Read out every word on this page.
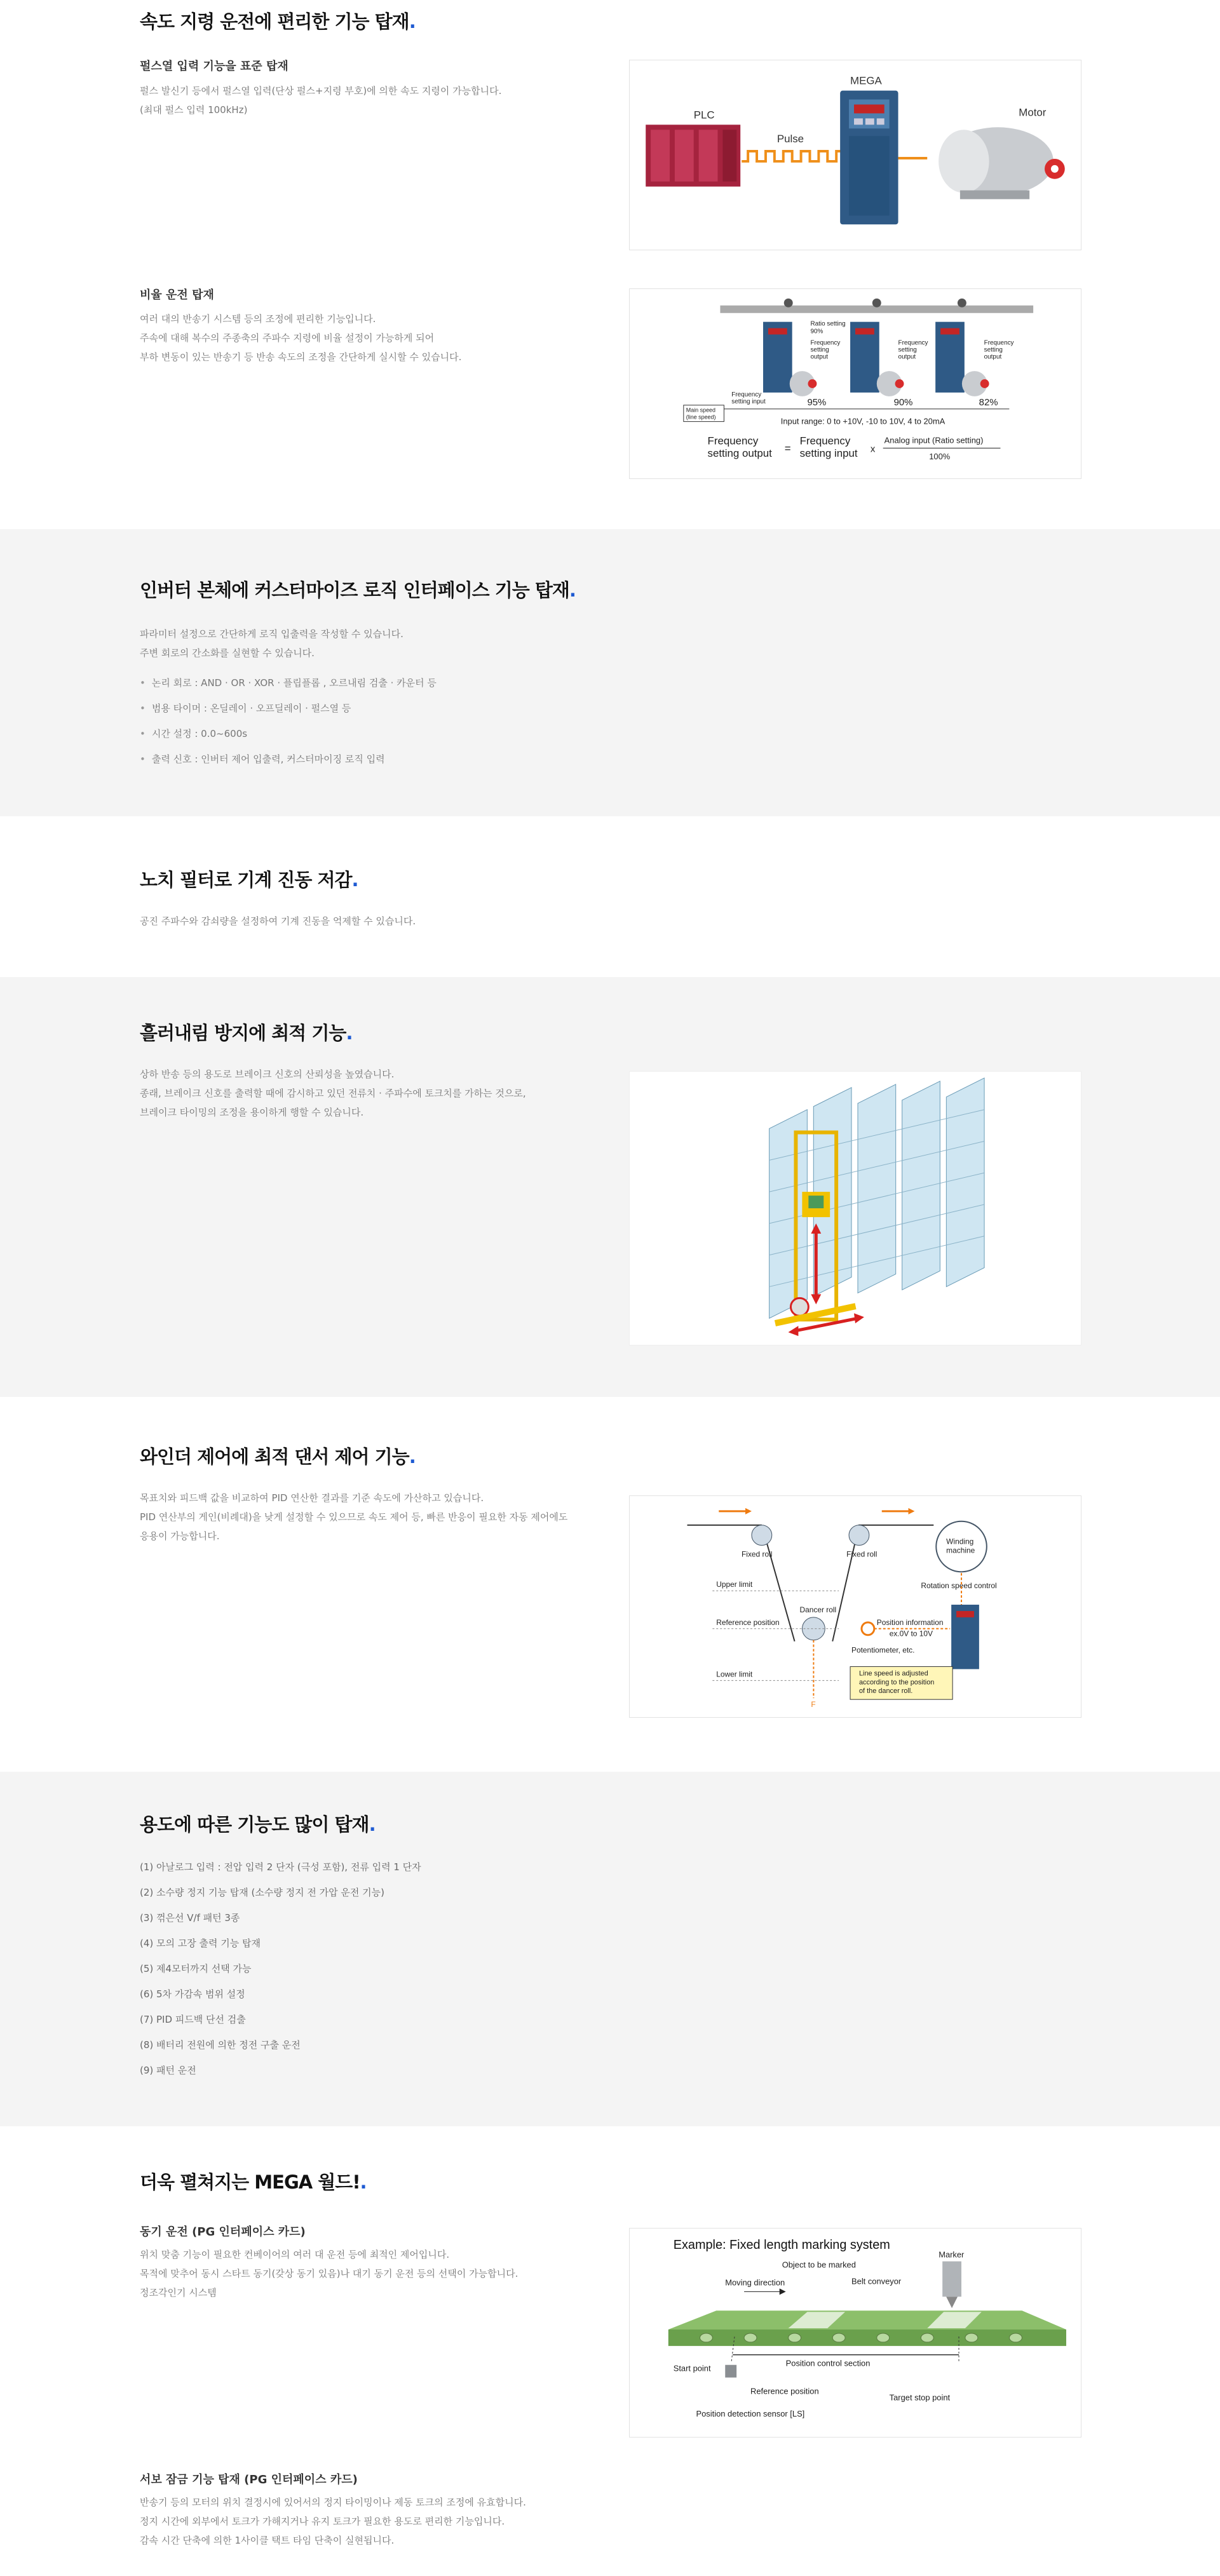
속도 지령 운전에 편리한 기능 탑재.
펄스열 입력 기능을 표준 탑재
펄스 발신기 등에서 펄스열 입력(단상 펄스+지령 부호)에 의한 속도 지령이 가능합니다.
(최대 펄스 입력 100kHz)	PLC
Pulse
MEGA
Motor
비율 운전 탑재
여러 대의 반송기 시스템 등의 조정에 편리한 기능입니다.
주속에 대해 복수의 주종축의 주파수 지령에 비율 설정이 가능하게 되어
부하 변동이 있는 반송기 등 반송 속도의 조정을 간단하게 실시할 수 있습니다.
Ratio setting
90%
Frequency
setting
output
Frequency
setting
output
Frequency
setting
output
Frequency
setting input
Main speed
(line speed)
95%	90%	82%
Input range: 0 to +10V, -10 to 10V, 4 to 20mA
Frequency
setting output =
Frequency
setting input x
Analog input (Ratio setting)
100%
인버터 본체에 커스터마이즈 로직 인터페이스 기능 탑재.
파라미터 설정으로 간단하게 로직 입출력을 작성할 수 있습니다.
주변 회로의 간소화를 실현할 수 있습니다.
• 논리 회로 : AND · OR · XOR · 플립플롭 , 오르내림 검출 · 카운터 등
• 범용 타이머 : 온딜레이 · 오프딜레이 · 펄스열 등
• 시간 설정 : 0.0~600s
• 출력 신호 : 인버터 제어 입출력, 커스터마이징 로직 입력
노치 필터로 기계 진동 저감.
공진 주파수와 감쇠량을 설정하여 기계 진동을 억제할 수 있습니다.
흘러내림 방지에 최적 기능.
상하 반송 등의 용도로 브레이크 신호의 산뢰성을 높였습니다.
종래, 브레이크 신호를 출력할 때에 감시하고 있던 전류치 · 주파수에 토크치를 가하는 것으로,
브레이크 타이밍의 조정을 용이하게 행할 수 있습니다.
와인더 제어에 최적 댄서 제어 기능.
목표치와 피드백 값을 비교하여 PID 연산한 결과를 기준 속도에 가산하고 있습니다.
PID 연산부의 게인(비례대)을 낮게 설정할 수 있으므로 속도 제어 등, 빠른 반응이 필요한 자동 제어에도
응용이 가능합니다.
Fixed roll	Fixed roll
Winding
machine
Upper limit
Reference position
Lower limit
Dancer roll
Rotation speed control
Position information
ex.0V to 10V
Potentiometer, etc.
F
Line speed is adjusted
according to the position
of the dancer roll.
용도에 따른 기능도 많이 탑재.
(1) 아날로그 입력 : 전압 입력 2 단자 (극성 포함), 전류 입력 1 단자
(2) 소수량 정지 기능 탑재 (소수량 정지 전 가압 운전 기능)
(3) 꺾은선 V/f 패턴 3종
(4) 모의 고장 출력 기능 탑재
(5) 제4모터까지 선택 가능
(6) 5차 가감속 범위 설정
(7) PID 피드백 단선 검출
(8) 배터리 전원에 의한 정전 구출 운전
(9) 패턴 운전
더욱 펼쳐지는 MEGA 월드!.
동기 운전 (PG 인터페이스 카드)
위치 맞춤 기능이 필요한 컨베이어의 여러 대 운전 등에 최적인 제어입니다.
목적에 맞추어 동시 스타트 동기(갖상 동기 있음)나 대기 동기 운전 등의 선택이 가능합니다.
정조각인기 시스템
Example: Fixed length marking system
Object to be marked
Marker
Moving direction	Belt conveyor
Start point
Position control section
Reference position
Target stop point
Position detection sensor [LS]
서보 잠금 기능 탑재 (PG 인터페이스 카드)
반송기 등의 모터의 위치 결정시에 있어서의 정지 타이밍이나 제동 토크의 조정에 유효합니다.
정지 시간에 외부에서 토크가 가해지거나 유지 토크가 필요한 용도로 편리한 기능입니다.
감속 시간 단축에 의한 1사이클 택트 타임 단축이 실현됩니다.
